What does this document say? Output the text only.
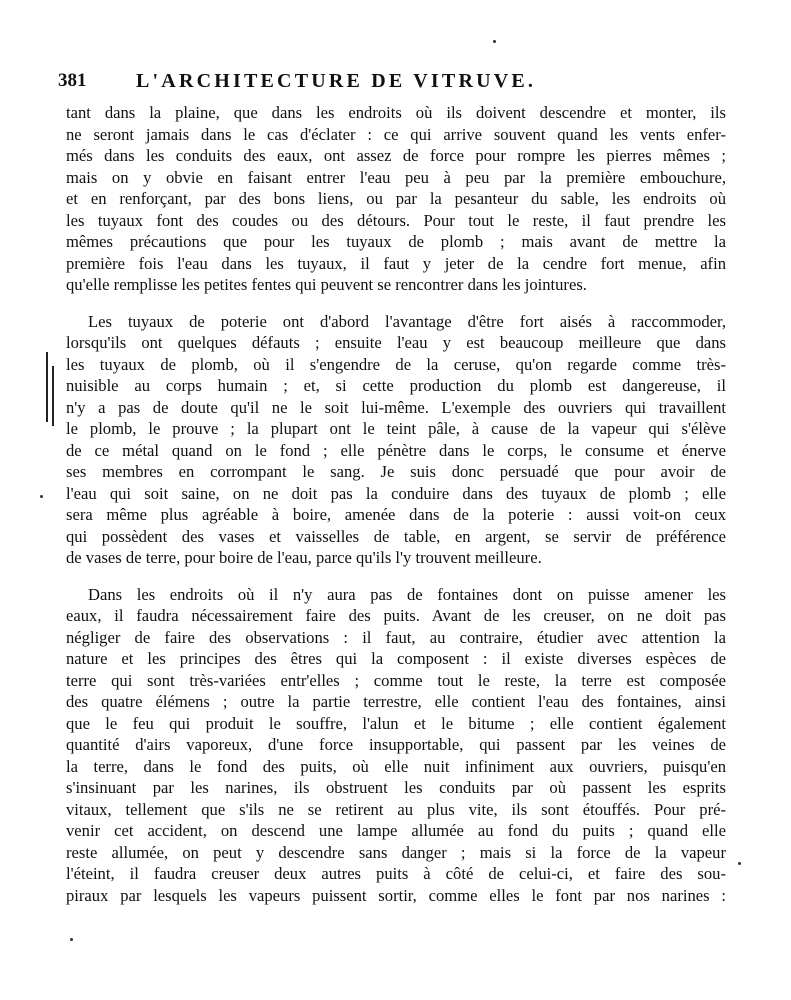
381 L'ARCHITECTURE DE VITRUVE.
tant dans la plaine, que dans les endroits où ils doivent descendre et monter, ils
ne seront jamais dans le cas d'éclater : ce qui arrive souvent quand les vents enfer-
més dans les conduits des eaux, ont assez de force pour rompre les pierres mêmes ;
mais on y obvie en faisant entrer l'eau peu à peu par la première embouchure,
et en renforçant, par des bons liens, ou par la pesanteur du sable, les endroits où
les tuyaux font des coudes ou des détours. Pour tout le reste, il faut prendre les
mêmes précautions que pour les tuyaux de plomb ; mais avant de mettre la
première fois l'eau dans les tuyaux, il faut y jeter de la cendre fort menue, afin
qu'elle remplisse les petites fentes qui peuvent se rencontrer dans les jointures.
Les tuyaux de poterie ont d'abord l'avantage d'être fort aisés à raccommoder,
lorsqu'ils ont quelques défauts ; ensuite l'eau y est beaucoup meilleure que dans
les tuyaux de plomb, où il s'engendre de la ceruse, qu'on regarde comme très-
nuisible au corps humain ; et, si cette production du plomb est dangereuse, il
n'y a pas de doute qu'il ne le soit lui-même. L'exemple des ouvriers qui travaillent
le plomb, le prouve ; la plupart ont le teint pâle, à cause de la vapeur qui s'élève
de ce métal quand on le fond ; elle pénètre dans le corps, le consume et énerve
ses membres en corrompant le sang. Je suis donc persuadé que pour avoir de
l'eau qui soit saine, on ne doit pas la conduire dans des tuyaux de plomb ; elle
sera même plus agréable à boire, amenée dans de la poterie : aussi voit-on ceux
qui possèdent des vases et vaisselles de table, en argent, se servir de préférence
de vases de terre, pour boire de l'eau, parce qu'ils l'y trouvent meilleure.
Dans les endroits où il n'y aura pas de fontaines dont on puisse amener les
eaux, il faudra nécessairement faire des puits. Avant de les creuser, on ne doit pas
négliger de faire des observations : il faut, au contraire, étudier avec attention la
nature et les principes des êtres qui la composent : il existe diverses espèces de
terre qui sont très-variées entr'elles ; comme tout le reste, la terre est composée
des quatre élémens ; outre la partie terrestre, elle contient l'eau des fontaines, ainsi
que le feu qui produit le souffre, l'alun et le bitume ; elle contient également
quantité d'airs vaporeux, d'une force insupportable, qui passent par les veines de
la terre, dans le fond des puits, où elle nuit infiniment aux ouvriers, puisqu'en
s'insinuant par les narines, ils obstruent les conduits par où passent les esprits
vitaux, tellement que s'ils ne se retirent au plus vite, ils sont étouffés. Pour pré-
venir cet accident, on descend une lampe allumée au fond du puits ; quand elle
reste allumée, on peut y descendre sans danger ; mais si la force de la vapeur
l'éteint, il faudra creuser deux autres puits à côté de celui-ci, et faire des sou-
piraux par lesquels les vapeurs puissent sortir, comme elles le font par nos narines :
